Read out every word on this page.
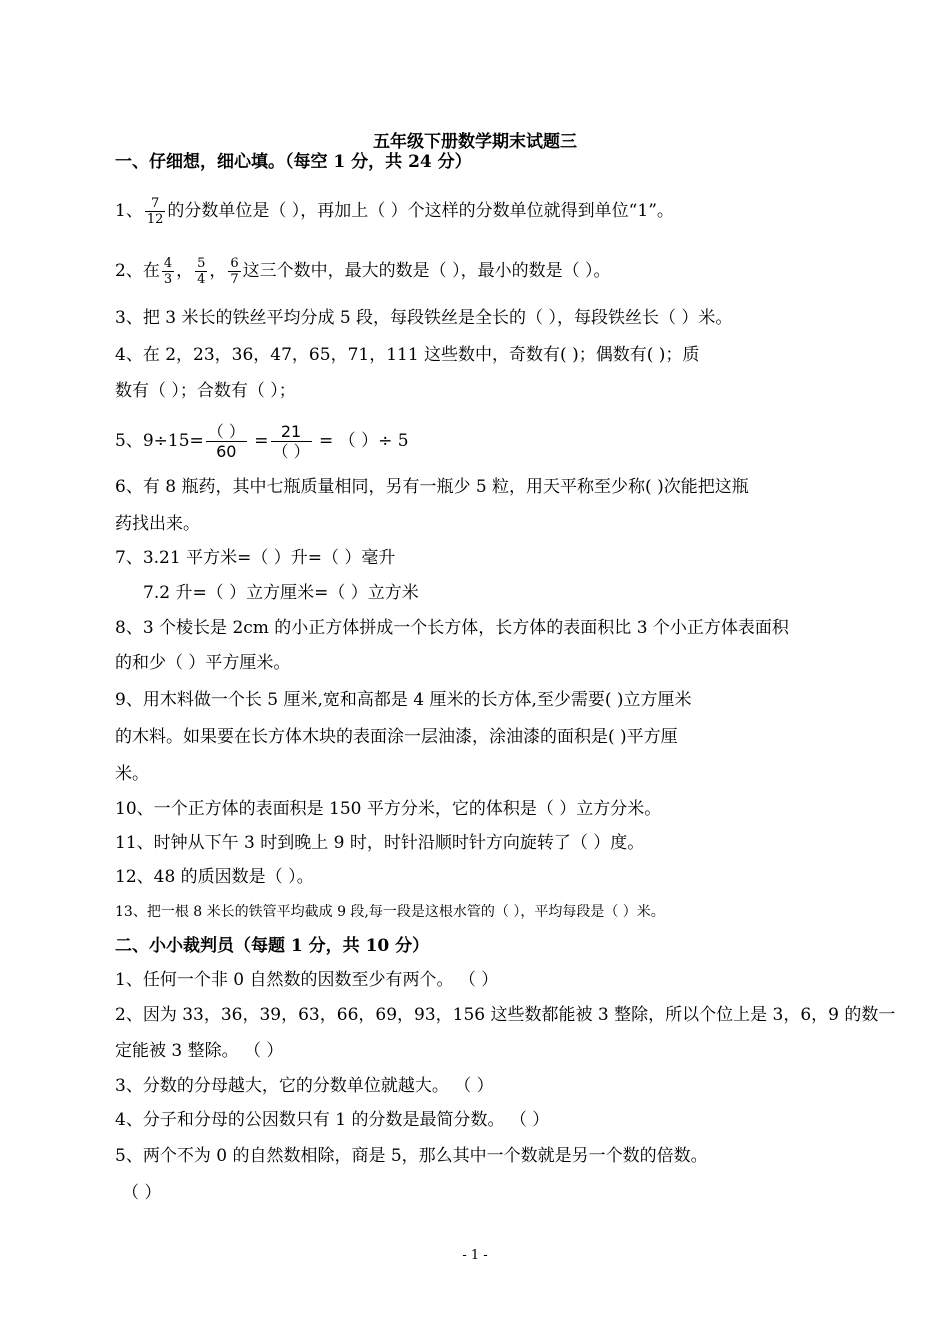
五年级下册数学期末试题三
一、仔细想，细心填。（每空 1 分，共 24 分）
1、 $\frac{7}{12}$ 的分数单位是（ ），再加上（ ）个这样的分数单位就得到单位“1”。
2、在 $\frac{4}{3}$ ， $\frac{5}{4}$ ， $\frac{6}{7}$ 这三个数中，最大的数是（ ），最小的数是（ ）。
3、把 3 米长的铁丝平均分成 5 段，每段铁丝是全长的（ ），每段铁丝长（ ）米。
4、在 2，23，36，47，65，71，111 这些数中，奇数有( )；偶数有( )；质
数有（ ）；合数有（ ）；
5、$9\div 15= \frac{( )}{60} = \frac{21}{( )}$ = （ ）÷ 5
6、有 8 瓶药，其中七瓶质量相同，另有一瓶少 5 粒，用天平称至少称( )次能把这瓶
药找出来。
7、3.21 平方米=（ ）升=（ ）毫升
7.2 升=（ ）立方厘米=（ ）立方米
8、3 个棱长是 2cm 的小正方体拼成一个长方体，长方体的表面积比 3 个小正方体表面积
的和少（ ）平方厘米。
9、用木料做一个长 5 厘米,宽和高都是 4 厘米的长方体,至少需要( )立方厘米
的木料。如果要在长方体木块的表面涂一层油漆，涂油漆的面积是( )平方厘
米。
10、一个正方体的表面积是 150 平方分米，它的体积是（ ）立方分米。
11、时钟从下午 3 时到晚上 9 时，时针沿顺时针方向旋转了（ ）度。
12、48 的质因数是（ ）。
13、把一根 8 米长的铁管平均截成 9 段,每一段是这根水管的（ ），平均每段是（ ）米。
二、小小裁判员（每题 1 分，共 10 分）
1、任何一个非 0 自然数的因数至少有两个。 （ ）
2、因为 33，36，39，63，66，69，93，156 这些数都能被 3 整除，所以个位上是 3，6，9 的数一
定能被 3 整除。 （ ）
3、分数的分母越大，它的分数单位就越大。 （ ）
4、分子和分母的公因数只有 1 的分数是最简分数。 （ ）
5、两个不为 0 的自然数相除，商是 5，那么其中一个数就是另一个数的倍数。
（ ）
- 1 -
